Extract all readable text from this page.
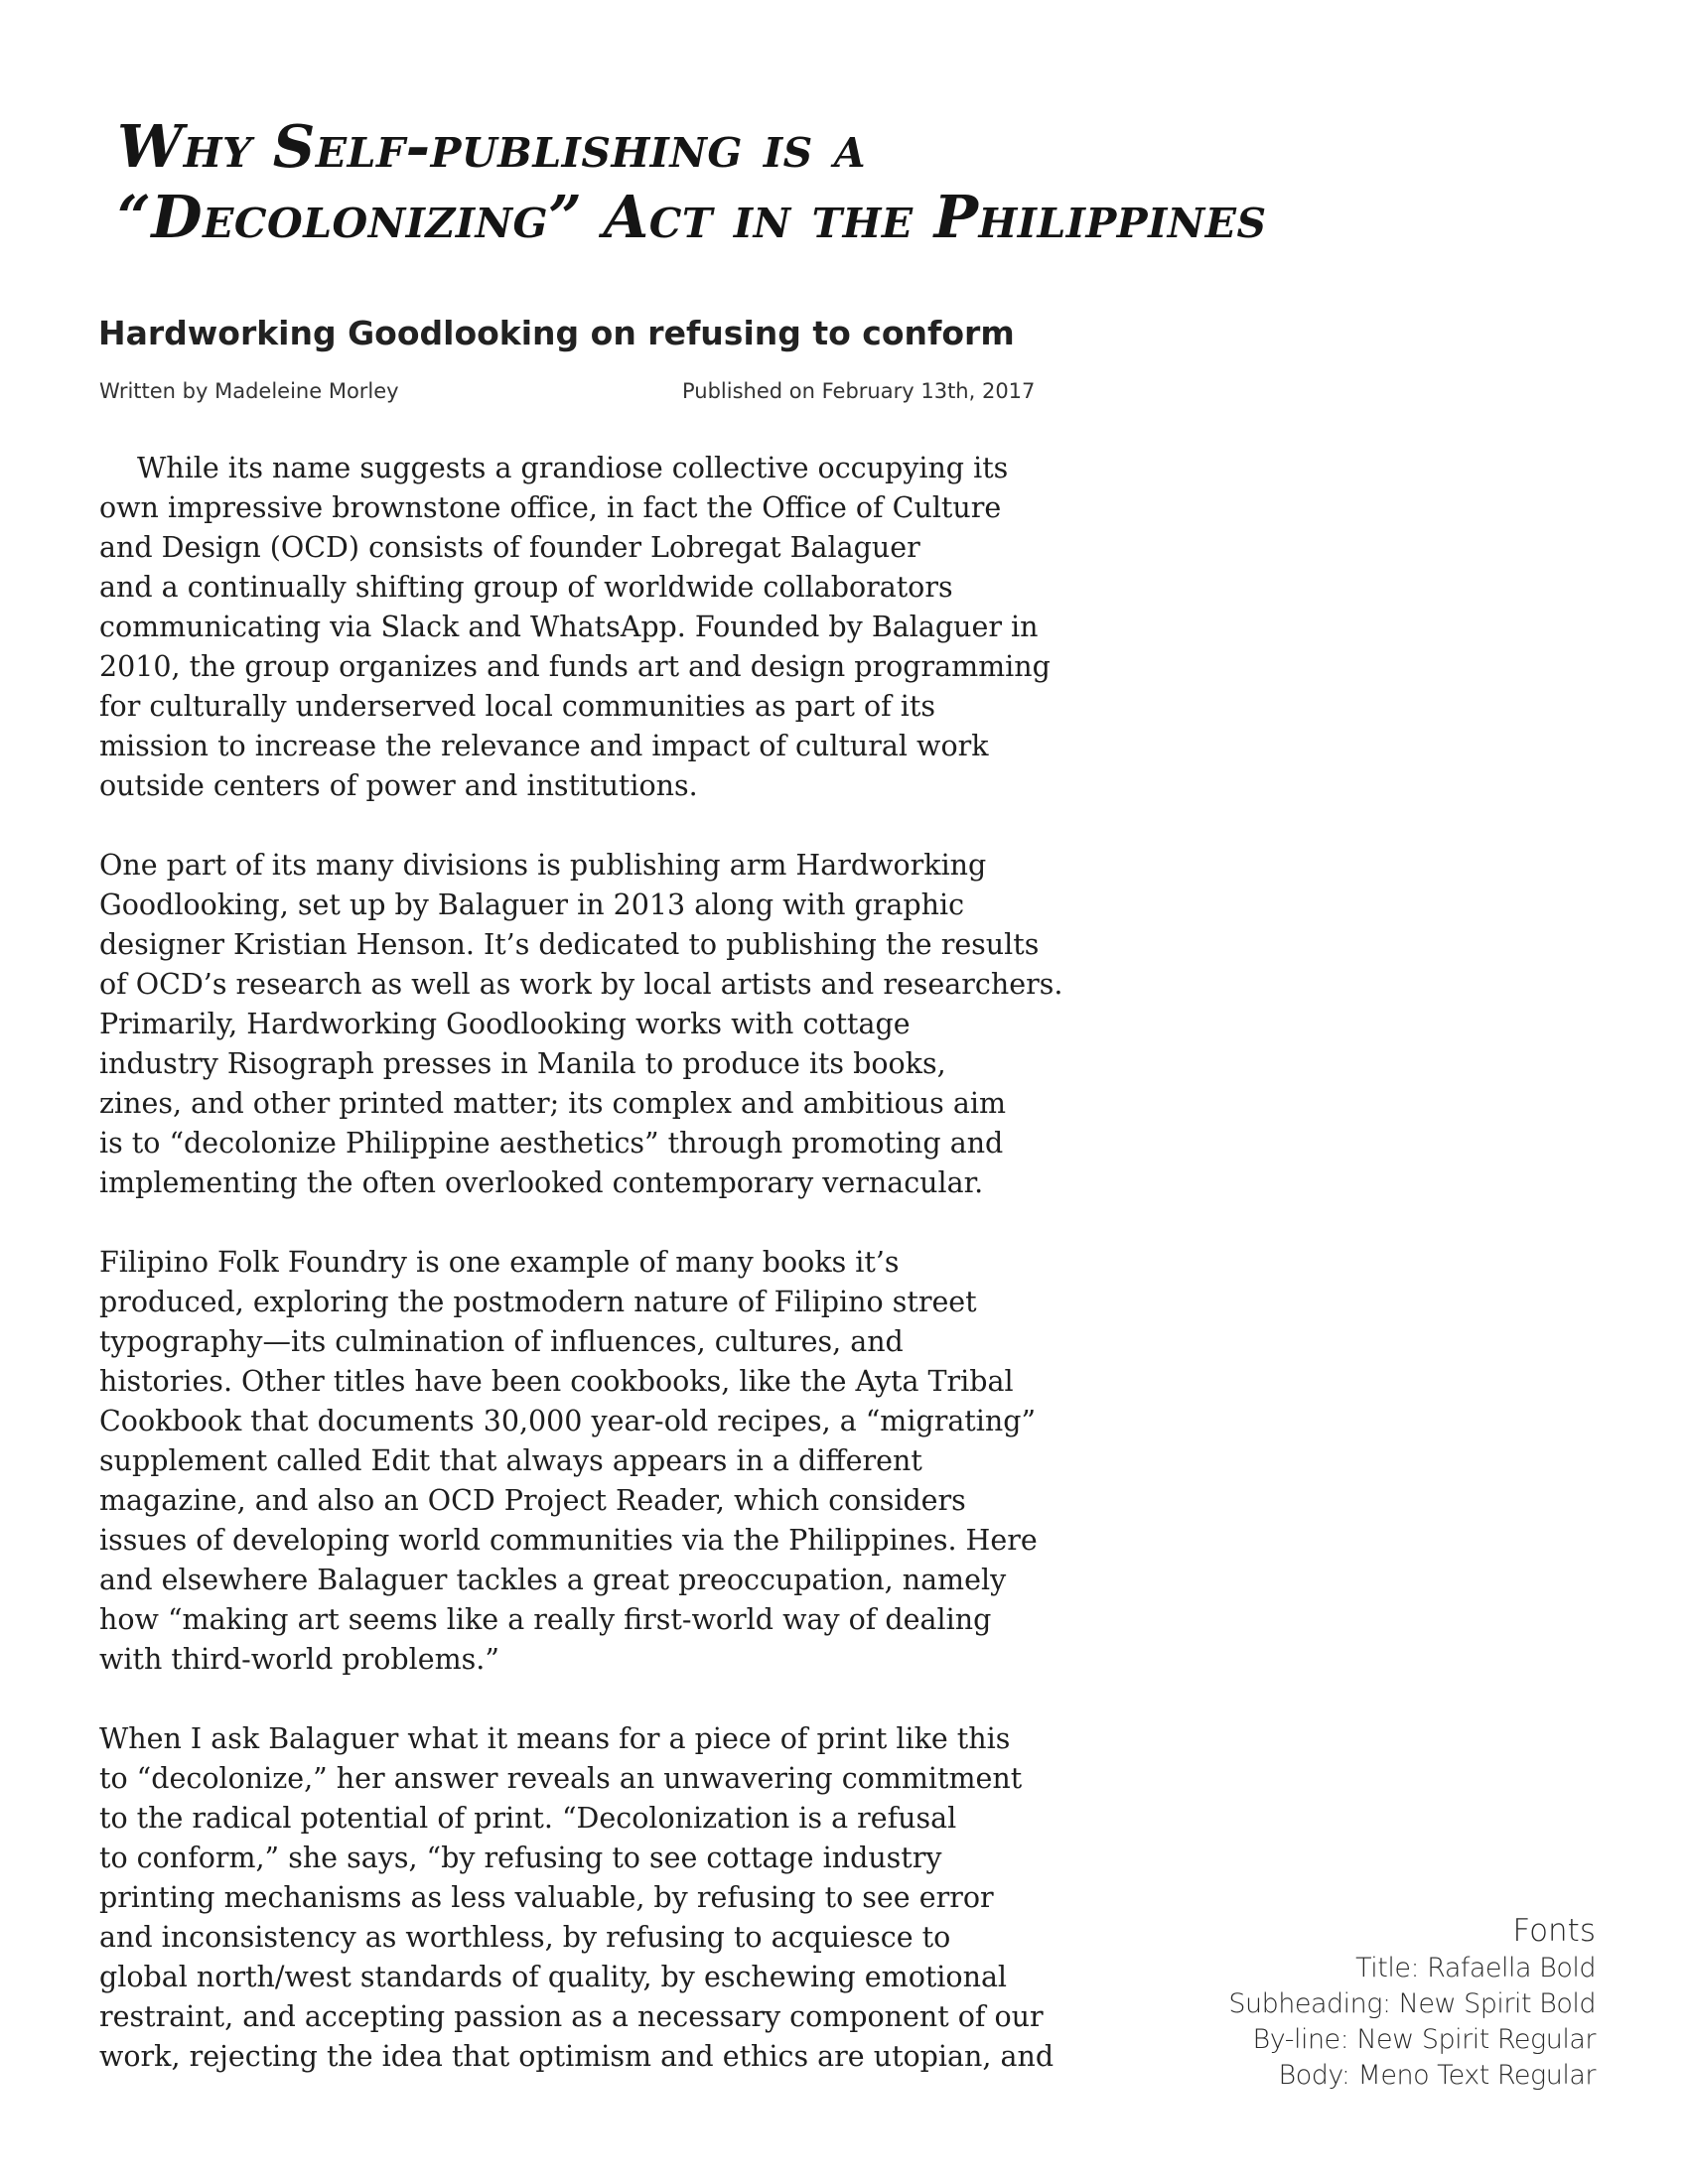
Why Self-publishing is a
“Decolonizing” Act in the Philippines
Hardworking Goodlooking on refusing to conform

Written by Madeleine Morley	Published on February 13th, 2017

While its name suggests a grandiose collective occupying its
own impressive brownstone office, in fact the Office of Culture
and Design (OCD) consists of founder Lobregat Balaguer
and a continually shifting group of worldwide collaborators
communicating via Slack and WhatsApp. Founded by Balaguer in
2010, the group organizes and funds art and design programming
for culturally underserved local communities as part of its
mission to increase the relevance and impact of cultural work
outside centers of power and institutions.

One part of its many divisions is publishing arm Hardworking
Goodlooking, set up by Balaguer in 2013 along with graphic
designer Kristian Henson. It’s dedicated to publishing the results
of OCD’s research as well as work by local artists and researchers.
Primarily, Hardworking Goodlooking works with cottage
industry Risograph presses in Manila to produce its books,
zines, and other printed matter; its complex and ambitious aim
is to “decolonize Philippine aesthetics” through promoting and
implementing the often overlooked contemporary vernacular.

Filipino Folk Foundry is one example of many books it’s
produced, exploring the postmodern nature of Filipino street
typography—its culmination of influences, cultures, and
histories. Other titles have been cookbooks, like the Ayta Tribal
Cookbook that documents 30,000 year-old recipes, a “migrating”
supplement called Edit that always appears in a different
magazine, and also an OCD Project Reader, which considers
issues of developing world communities via the Philippines. Here
and elsewhere Balaguer tackles a great preoccupation, namely
how “making art seems like a really first-world way of dealing
with third-world problems.”

When I ask Balaguer what it means for a piece of print like this
to “decolonize,” her answer reveals an unwavering commitment
to the radical potential of print. “Decolonization is a refusal
to conform,” she says, “by refusing to see cottage industry
printing mechanisms as less valuable, by refusing to see error
and inconsistency as worthless, by refusing to acquiesce to
global north/west standards of quality, by eschewing emotional
restraint, and accepting passion as a necessary component of our
work, rejecting the idea that optimism and ethics are utopian, and

Fonts
Title: Rafaella Bold
Subheading: New Spirit Bold
By-line: New Spirit Regular
Body: Meno Text Regular
